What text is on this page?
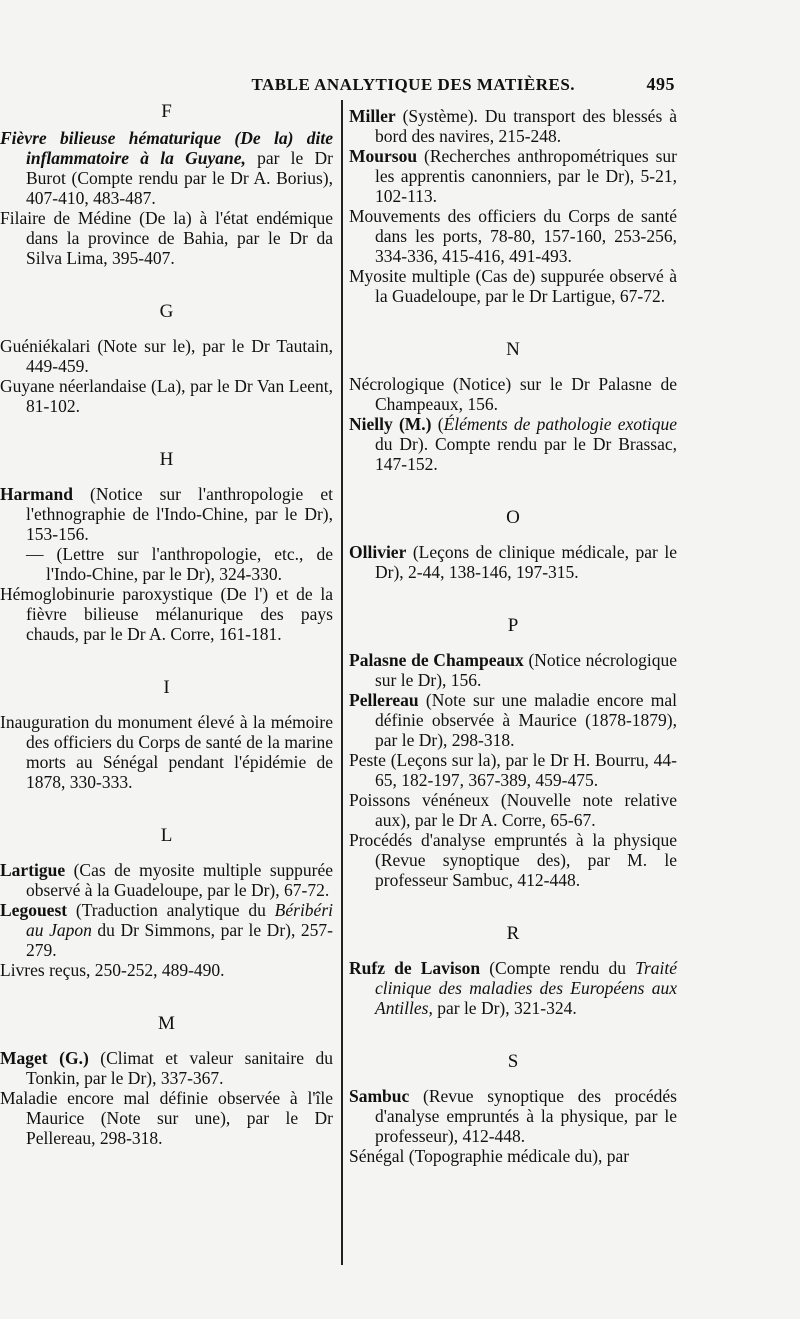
TABLE ANALYTIQUE DES MATIÈRES.	495

F

Fièvre bilieuse hématurique (De la) dite inflammatoire à la Guyane, par le Dr Burot (Compte rendu par le Dr A. Borius), 407-410, 483-487.

Filaire de Médine (De la) à l'état endémique dans la province de Bahia, par le Dr da Silva Lima, 395-407.

G

Guéniékalari (Note sur le), par le Dr Tautain, 449-459.

Guyane néerlandaise (La), par le Dr Van Leent, 81-102.

H

Harmand (Notice sur l'anthropologie et l'ethnographie de l'Indo-Chine, par le Dr), 153-156.

— (Lettre sur l'anthropologie, etc., de l'Indo-Chine, par le Dr), 324-330.

Hémoglobinurie paroxystique (De l') et de la fièvre bilieuse mélanurique des pays chauds, par le Dr A. Corre, 161-181.

I

Inauguration du monument élevé à la mémoire des officiers du Corps de santé de la marine morts au Sénégal pendant l'épidémie de 1878, 330-333.

L

Lartigue (Cas de myosite multiple suppurée observé à la Guadeloupe, par le Dr), 67-72.

Legouest (Traduction analytique du Béribéri au Japon du Dr Simmons, par le Dr), 257-279.

Livres reçus, 250-252, 489-490.

M

Maget (G.) (Climat et valeur sanitaire du Tonkin, par le Dr), 337-367.

Maladie encore mal définie observée à l'île Maurice (Note sur une), par le Dr Pellereau, 298-318.

Miller (Système). Du transport des blessés à bord des navires, 215-248.

Moursou (Recherches anthropométriques sur les apprentis canonniers, par le Dr), 5-21, 102-113.

Mouvements des officiers du Corps de santé dans les ports, 78-80, 157-160, 253-256, 334-336, 415-416, 491-493.

Myosite multiple (Cas de) suppurée observé à la Guadeloupe, par le Dr Lartigue, 67-72.

N

Nécrologique (Notice) sur le Dr Palasne de Champeaux, 156.

Nielly (M.) (Éléments de pathologie exotique du Dr). Compte rendu par le Dr Brassac, 147-152.

O

Ollivier (Leçons de clinique médicale, par le Dr), 2-44, 138-146, 197-315.

P

Palasne de Champeaux (Notice nécrologique sur le Dr), 156.

Pellereau (Note sur une maladie encore mal définie observée à Maurice (1878-1879), par le Dr), 298-318.

Peste (Leçons sur la), par le Dr H. Bourru, 44-65, 182-197, 367-389, 459-475.

Poissons vénéneux (Nouvelle note relative aux), par le Dr A. Corre, 65-67.

Procédés d'analyse empruntés à la physique (Revue synoptique des), par M. le professeur Sambuc, 412-448.

R

Rufz de Lavison (Compte rendu du Traité clinique des maladies des Européens aux Antilles, par le Dr), 321-324.

S

Sambuc (Revue synoptique des procédés d'analyse empruntés à la physique, par le professeur), 412-448.

Sénégal (Topographie médicale du), par
